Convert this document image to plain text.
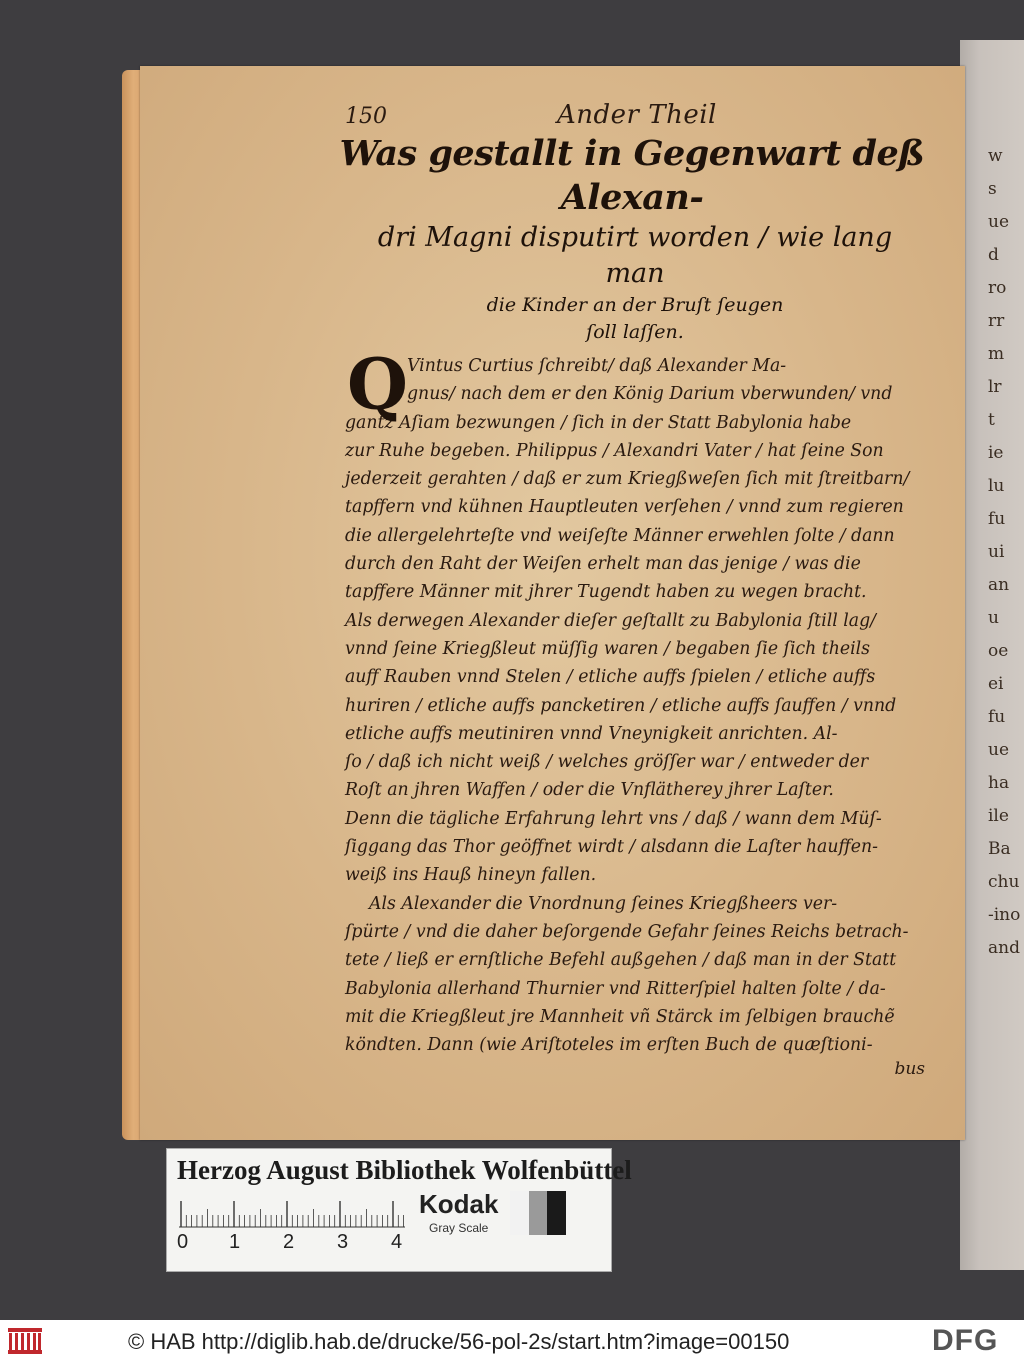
w
s
ue
d
ro
rr
m
lr
t
ie
lu
fu
ui
an
u
oe
ei
fu
ue
ha
ile
Ba
chu
-ino
and
150	Ander Theil
Was gestallt in Gegenwart deß Alexan-
dri Magni disputirt worden / wie lang man
die Kinder an der Bruſt ſeugen
ſoll laſſen.
Q Vintus Curtius ſchreibt/ daß Alexander Ma-
gnus/ nach dem er den König Darium vberwunden/ vnd
gantz Aſiam bezwungen / ſich in der Statt Babylonia habe
zur Ruhe begeben. Philippus / Alexandri Vater / hat ſeine Son
jederzeit gerahten / daß er zum Kriegßweſen ſich mit ſtreitbarn/
tapffern vnd kühnen Hauptleuten verſehen / vnnd zum regieren
die allergelehrteſte vnd weiſeſte Männer erwehlen ſolte / dann
durch den Raht der Weiſen erhelt man das jenige / was die
tapffere Männer mit jhrer Tugendt haben zu wegen bracht.
Als derwegen Alexander dieſer geſtallt zu Babylonia ſtill lag/
vnnd ſeine Kriegßleut müſſig waren / begaben ſie ſich theils
auff Rauben vnnd Stelen / etliche auffs ſpielen / etliche auffs
huriren / etliche auffs pancketiren / etliche auffs ſauffen / vnnd
etliche auffs meutiniren vnnd Vneynigkeit anrichten. Al-
ſo / daß ich nicht weiß / welches gröſſer war / entweder der
Roſt an jhren Waffen / oder die Vnflätherey jhrer Laſter.
Denn die tägliche Erfahrung lehrt vns / daß / wann dem Müſ-
ſiggang das Thor geöffnet wirdt / alsdann die Laſter hauffen-
weiß ins Hauß hineyn fallen.
Als Alexander die Vnordnung ſeines Kriegßheers ver-
ſpürte / vnd die daher beſorgende Gefahr ſeines Reichs betrach-
tete / ließ er ernſtliche Befehl außgehen / daß man in der Statt
Babylonia allerhand Thurnier vnd Ritterſpiel halten ſolte / da-
mit die Kriegßleut jre Mannheit vñ Stärck im ſelbigen brauchẽ
köndten. Dann (wie Ariſtoteles im erſten Buch de quæſtioni-
bus
Herzog August Bibliothek Wolfenbüttel
0 1 2 3 4
Kodak
Gray Scale
© HAB http://diglib.hab.de/drucke/56-pol-2s/start.htm?image=00150	DFG
